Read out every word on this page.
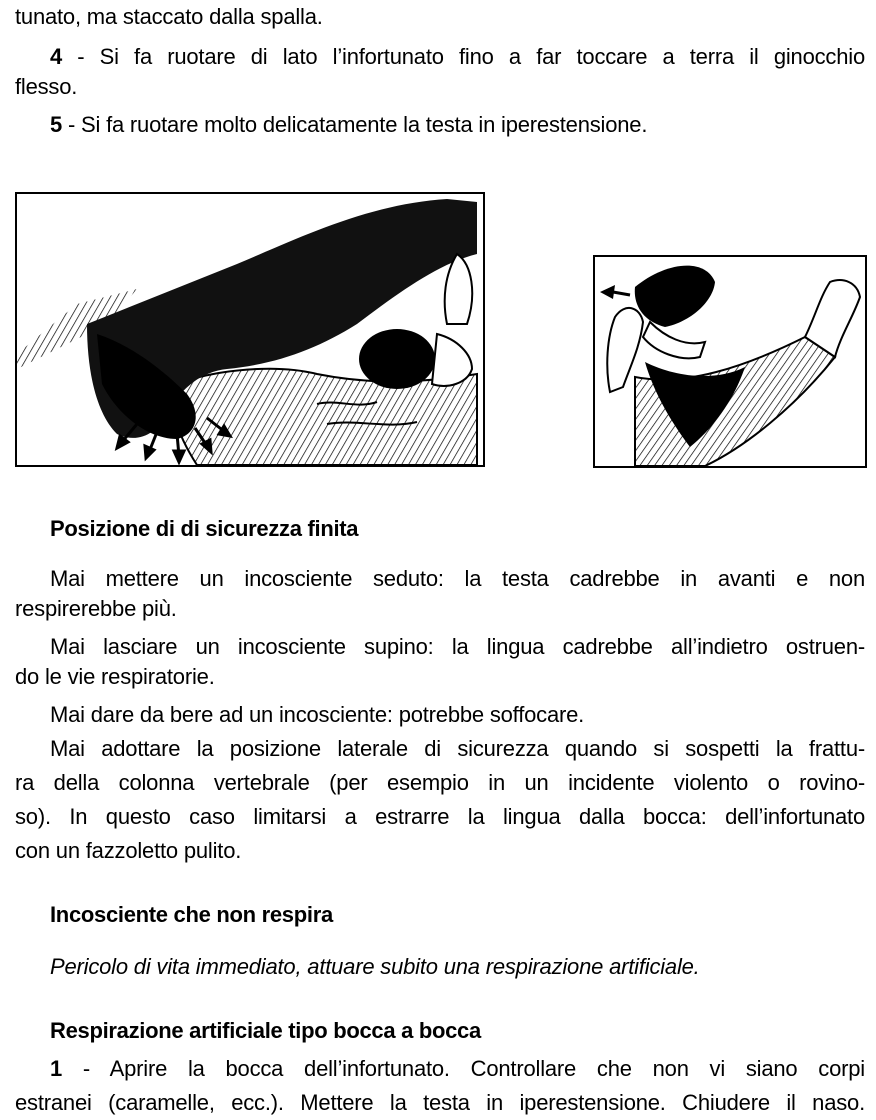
tunato, ma staccato dalla spalla.
4 - Si fa ruotare di lato l’infortunato fino a far toccare a terra il ginocchio
flesso.
5 - Si fa ruotare molto delicatamente la testa in iperestensione.
Posizione di di sicurezza finita
Mai mettere un incosciente seduto: la testa cadrebbe in avanti e non
respirerebbe più.
Mai lasciare un incosciente supino: la lingua cadrebbe all’indietro ostruen-
do le vie respiratorie.
Mai dare da bere ad un incosciente: potrebbe soffocare.
Mai adottare la posizione laterale di sicurezza quando si sospetti la frattu-
ra della colonna vertebrale (per esempio in un incidente violento o rovino-
so). In questo caso limitarsi a estrarre la lingua dalla bocca: dell’infortunato
con un fazzoletto pulito.
Incosciente che non respira
Pericolo di vita immediato, attuare subito una respirazione artificiale.
Respirazione artificiale tipo bocca a bocca
1 - Aprire la bocca dell’infortunato. Controllare che non vi siano corpi
estranei (caramelle, ecc.). Mettere la testa in iperestensione. Chiudere il naso.
